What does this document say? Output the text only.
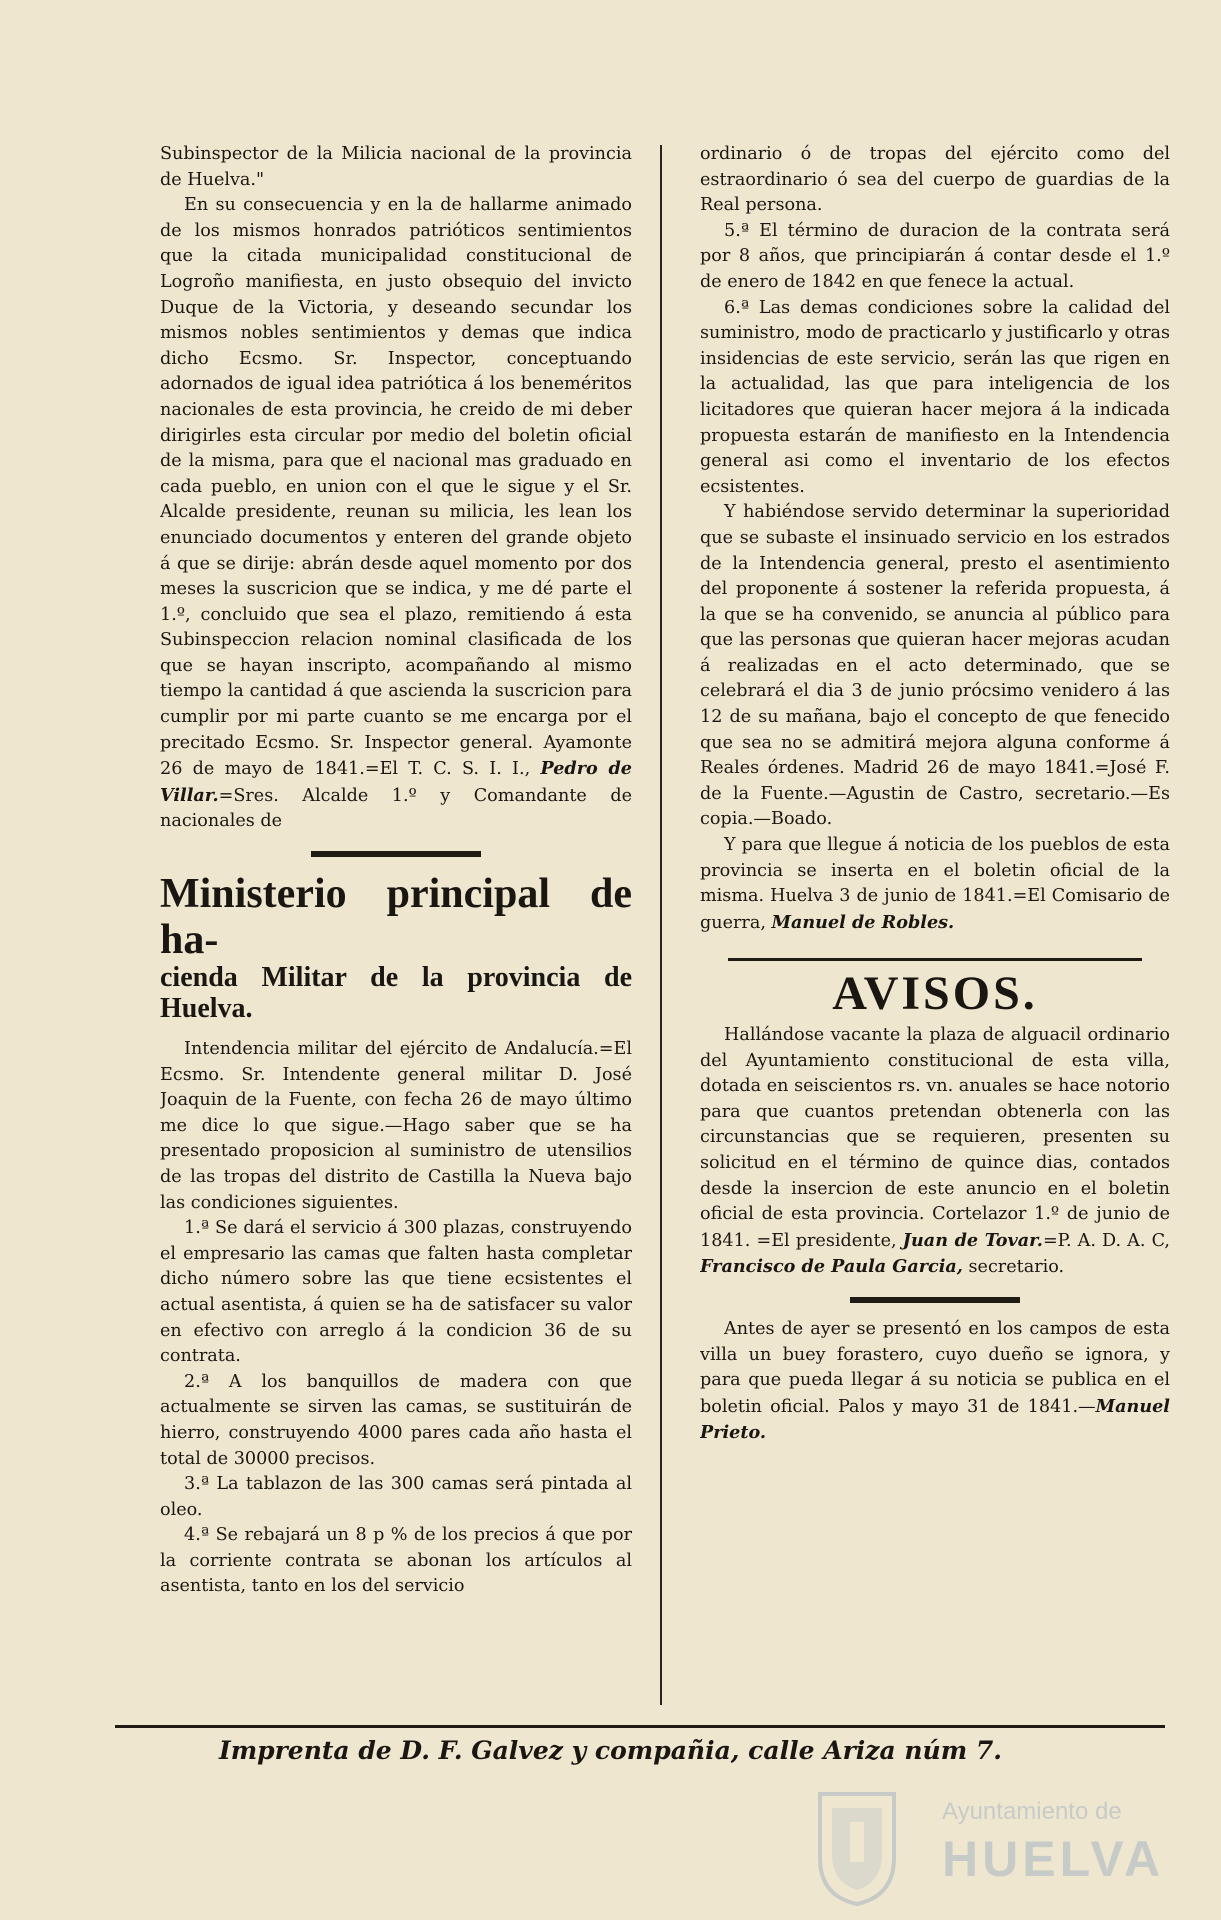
Subinspector de la Milicia nacional de la provincia de Huelva."

En su consecuencia y en la de hallarme animado de los mismos honrados patrióticos sentimientos que la citada municipalidad constitucional de Logroño manifiesta, en justo obsequio del invicto Duque de la Victoria, y deseando secundar los mismos nobles sentimientos y demas que indica dicho Ecsmo. Sr. Inspector, conceptuando adornados de igual idea patriótica á los beneméritos nacionales de esta provincia, he creido de mi deber dirigirles esta circular por medio del boletin oficial de la misma, para que el nacional mas graduado en cada pueblo, en union con el que le sigue y el Sr. Alcalde presidente, reunan su milicia, les lean los enunciado documentos y enteren del grande objeto á que se dirije: abrán desde aquel momento por dos meses la suscricion que se indica, y me dé parte el 1.º, concluido que sea el plazo, remitiendo á esta Subinspeccion relacion nominal clasificada de los que se hayan inscripto, acompañando al mismo tiempo la cantidad á que ascienda la suscricion para cumplir por mi parte cuanto se me encarga por el precitado Ecsmo. Sr. Inspector general. Ayamonte 26 de mayo de 1841.=El T. C. S. I. I., Pedro de Villar.=Sres. Alcalde 1.º y Comandante de nacionales de

Ministerio principal de ha-
cienda Militar de la provincia de Huelva.

Intendencia militar del ejército de Andalucía.=El Ecsmo. Sr. Intendente general militar D. José Joaquin de la Fuente, con fecha 26 de mayo último me dice lo que sigue.—Hago saber que se ha presentado proposicion al suministro de utensilios de las tropas del distrito de Castilla la Nueva bajo las condiciones siguientes.

1.ª Se dará el servicio á 300 plazas, construyendo el empresario las camas que falten hasta completar dicho número sobre las que tiene ecsistentes el actual asentista, á quien se ha de satisfacer su valor en efectivo con arreglo á la condicion 36 de su contrata.

2.ª A los banquillos de madera con que actualmente se sirven las camas, se sustituirán de hierro, construyendo 4000 pares cada año hasta el total de 30000 precisos.

3.ª La tablazon de las 300 camas será pintada al oleo.

4.ª Se rebajará un 8 p % de los precios á que por la corriente contrata se abonan los artículos al asentista, tanto en los del servicio

ordinario ó de tropas del ejército como del estraordinario ó sea del cuerpo de guardias de la Real persona.

5.ª El término de duracion de la contrata será por 8 años, que principiarán á contar desde el 1.º de enero de 1842 en que fenece la actual.

6.ª Las demas condiciones sobre la calidad del suministro, modo de practicarlo y justificarlo y otras insidencias de este servicio, serán las que rigen en la actualidad, las que para inteligencia de los licitadores que quieran hacer mejora á la indicada propuesta estarán de manifiesto en la Intendencia general asi como el inventario de los efectos ecsistentes.

Y habiéndose servido determinar la superioridad que se subaste el insinuado servicio en los estrados de la Intendencia general, presto el asentimiento del proponente á sostener la referida propuesta, á la que se ha convenido, se anuncia al público para que las personas que quieran hacer mejoras acudan á realizadas en el acto determinado, que se celebrará el dia 3 de junio prócsimo venidero á las 12 de su mañana, bajo el concepto de que fenecido que sea no se admitirá mejora alguna conforme á Reales órdenes. Madrid 26 de mayo 1841.=José F. de la Fuente.—Agustin de Castro, secretario.—Es copia.—Boado.

Y para que llegue á noticia de los pueblos de esta provincia se inserta en el boletin oficial de la misma. Huelva 3 de junio de 1841.=El Comisario de guerra, Manuel de Robles.

AVISOS.

Hallándose vacante la plaza de alguacil ordinario del Ayuntamiento constitucional de esta villa, dotada en seiscientos rs. vn. anuales se hace notorio para que cuantos pretendan obtenerla con las circunstancias que se requieren, presenten su solicitud en el término de quince dias, contados desde la insercion de este anuncio en el boletin oficial de esta provincia. Cortelazor 1.º de junio de 1841. =El presidente, Juan de Tovar.=P. A. D. A. C, Francisco de Paula Garcia, secretario.

Antes de ayer se presentó en los campos de esta villa un buey forastero, cuyo dueño se ignora, y para que pueda llegar á su noticia se publica en el boletin oficial. Palos y mayo 31 de 1841.—Manuel Prieto.

Imprenta de D. F. Galvez y compañia, calle Ariza núm 7.
Ayuntamiento de
HUELVA
